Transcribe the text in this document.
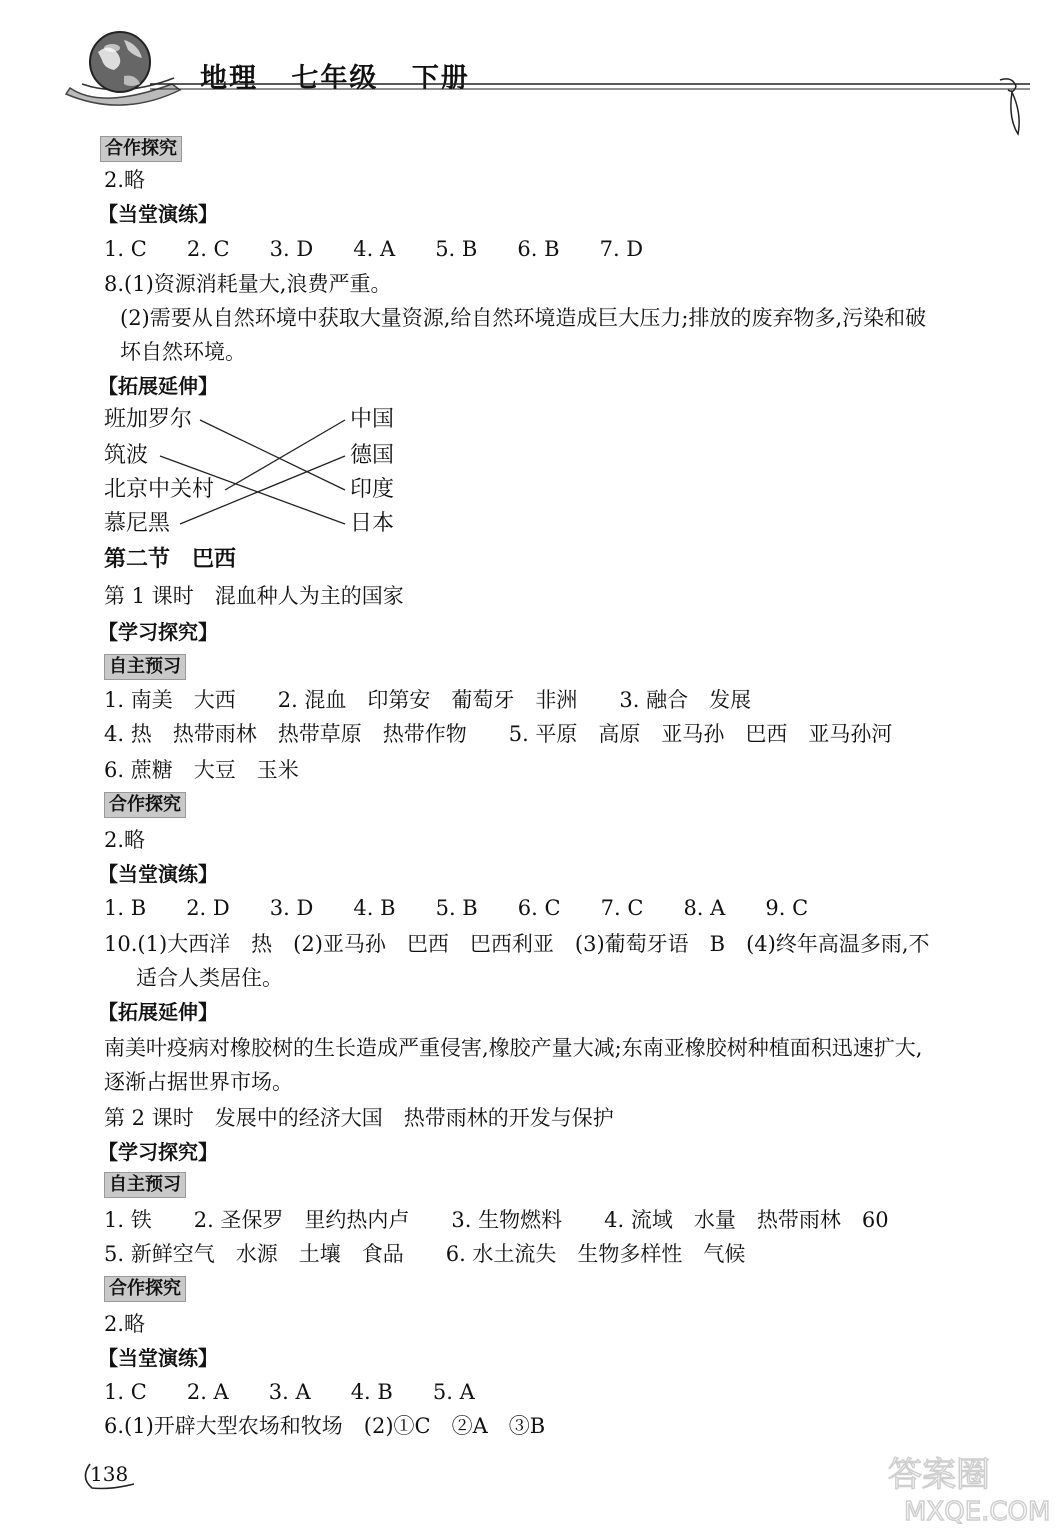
地理 七年级 下册
合作探究
2.略
【当堂演练】
1. C      2. C      3. D      4. A      5. B      6. B      7. D
8.(1)资源消耗量大,浪费严重。
(2)需要从自然环境中获取大量资源,给自然环境造成巨大压力;排放的废弃物多,污染和破
坏自然环境。
【拓展延伸】
班加罗尔
筑波
北京中关村
慕尼黑
中国
德国
印度
日本
第二节　巴西
第 1 课时　混血种人为主的国家
【学习探究】
自主预习
1. 南美　大西　　2. 混血　印第安　葡萄牙　非洲　　3. 融合　发展
4. 热　热带雨林　热带草原　热带作物　　5. 平原　高原　亚马孙　巴西　亚马孙河
6. 蔗糖　大豆　玉米
合作探究
2.略
【当堂演练】
1. B      2. D      3. D      4. B      5. B      6. C      7. C      8. A      9. C
10.(1)大西洋　热　(2)亚马孙　巴西　巴西利亚　(3)葡萄牙语　B　(4)终年高温多雨,不
适合人类居住。
【拓展延伸】
南美叶疫病对橡胶树的生长造成严重侵害,橡胶产量大减;东南亚橡胶树种植面积迅速扩大,
逐渐占据世界市场。
第 2 课时　发展中的经济大国　热带雨林的开发与保护
【学习探究】
自主预习
1. 铁　　2. 圣保罗　里约热内卢　　3. 生物燃料　　4. 流域　水量　热带雨林　60
5. 新鲜空气　水源　土壤　食品　　6. 水土流失　生物多样性　气候
合作探究
2.略
【当堂演练】
1. C      2. A      3. A      4. B      5. A
6.(1)开辟大型农场和牧场　(2)①C　②A　③B
138	答案圈
MXQE.COM
